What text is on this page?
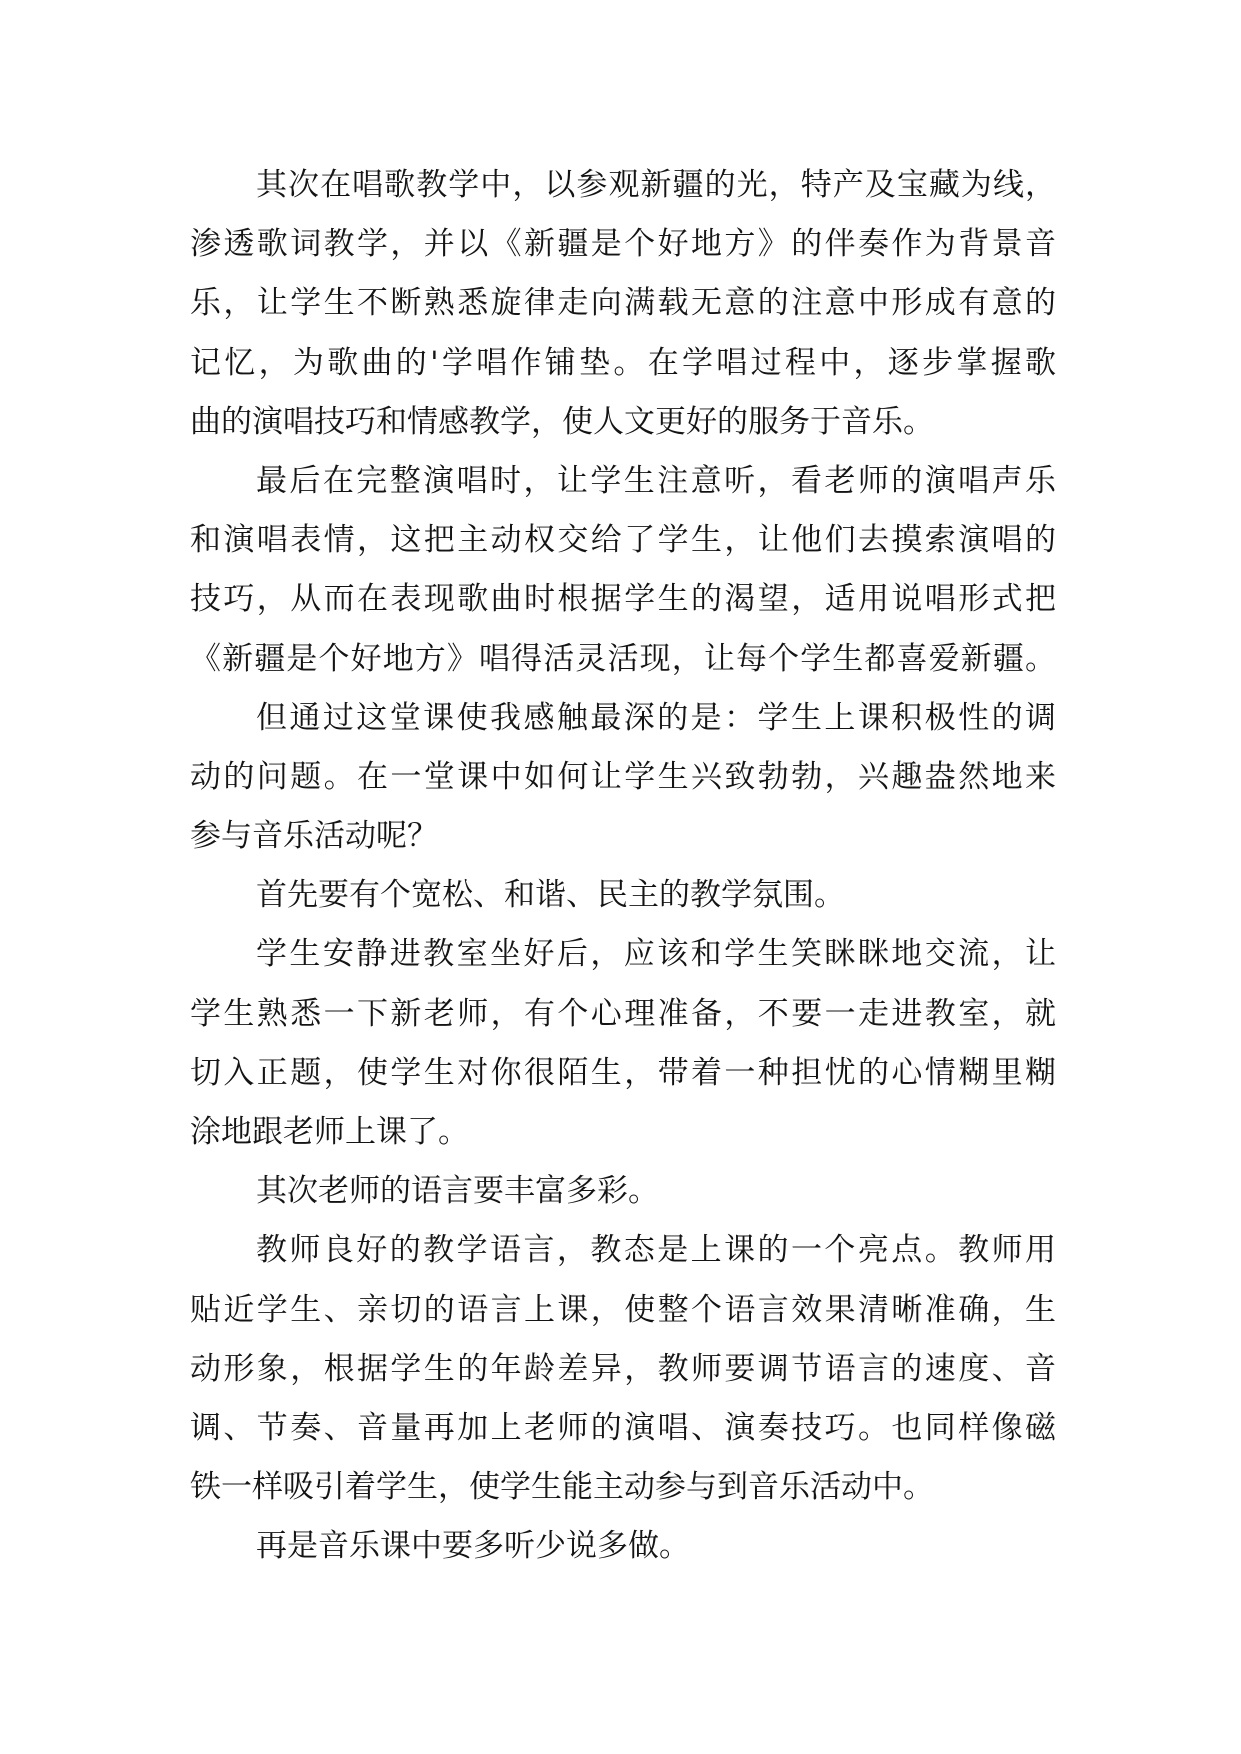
其次在唱歌教学中，以参观新疆的光，特产及宝藏为线，
渗透歌词教学，并以《新疆是个好地方》的伴奏作为背景音
乐，让学生不断熟悉旋律走向满载无意的注意中形成有意的
记忆，为歌曲的'学唱作铺垫。在学唱过程中，逐步掌握歌
曲的演唱技巧和情感教学，使人文更好的服务于音乐。
最后在完整演唱时，让学生注意听，看老师的演唱声乐
和演唱表情，这把主动权交给了学生，让他们去摸索演唱的
技巧，从而在表现歌曲时根据学生的渴望，适用说唱形式把
《新疆是个好地方》唱得活灵活现，让每个学生都喜爱新疆。
但通过这堂课使我感触最深的是：学生上课积极性的调
动的问题。在一堂课中如何让学生兴致勃勃，兴趣盎然地来
参与音乐活动呢？
首先要有个宽松、和谐、民主的教学氛围。
学生安静进教室坐好后，应该和学生笑眯眯地交流，让
学生熟悉一下新老师，有个心理准备，不要一走进教室，就
切入正题，使学生对你很陌生，带着一种担忧的心情糊里糊
涂地跟老师上课了。
其次老师的语言要丰富多彩。
教师良好的教学语言，教态是上课的一个亮点。教师用
贴近学生、亲切的语言上课，使整个语言效果清晰准确，生
动形象，根据学生的年龄差异，教师要调节语言的速度、音
调、节奏、音量再加上老师的演唱、演奏技巧。也同样像磁
铁一样吸引着学生，使学生能主动参与到音乐活动中。
再是音乐课中要多听少说多做。
